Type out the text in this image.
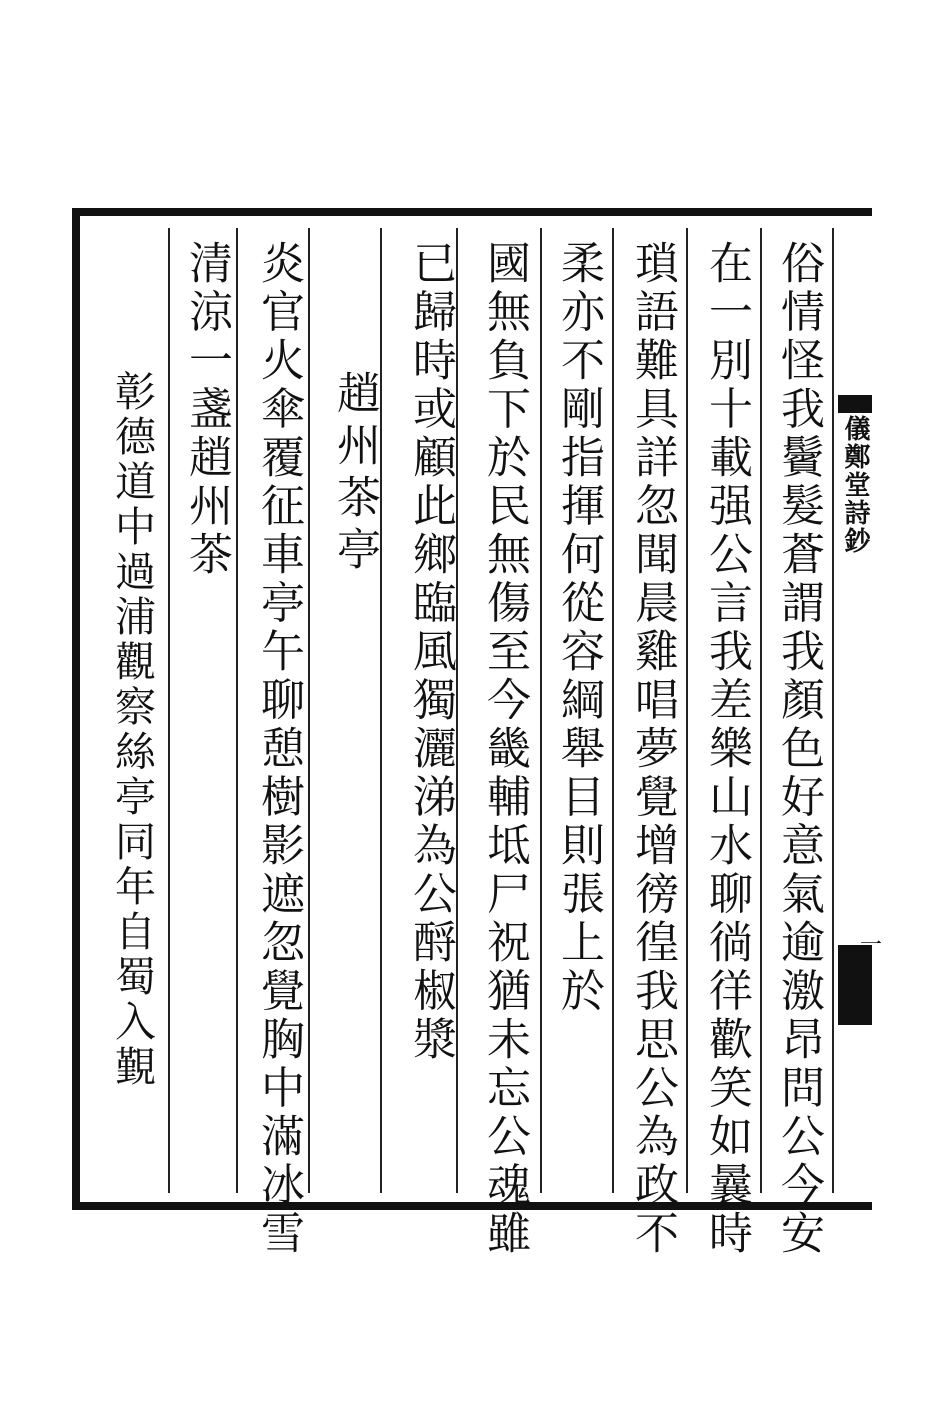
儀鄭堂詩鈔
一
俗情怪我鬢髮蒼謂我顏色好意氣逾激昂問公今安
在一別十載强公言我差樂山水聊徜徉歡笑如曩時
瑣語難具詳忽聞晨雞唱夢覺增徬徨我思公為政不
柔亦不剛指揮何從容綱舉目則張上於
國無負下於民無傷至今畿輔坻尸祝猶未忘公魂雖
已歸時或顧此鄉臨風獨灑涕為公酹椒漿
趙州茶亭
炎官火傘覆征車亭午聊憩樹影遮忽覺胸中滿冰雪
清涼一盞趙州茶
彰德道中過浦觀察絲亭同年自蜀入覲
